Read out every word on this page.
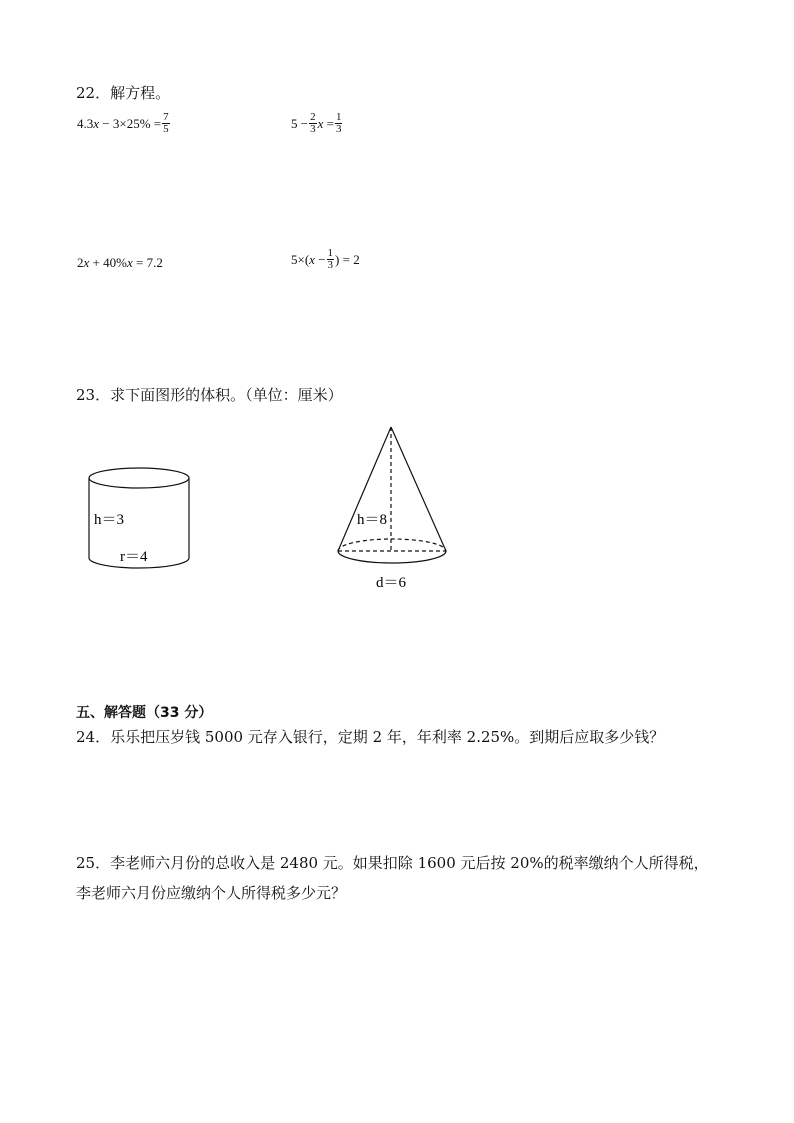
22．解方程。
4.3 $x - 3\times 25\% = \frac{7}{5}$	$5 - \frac{2}{3}$ $x = \frac{1}{3}$
2 x + 40% x = 7.2	5×( $x - \frac{1}{3}$ ) = 2
23．求下面图形的体积。（单位：厘米）
h＝3
r＝4
h＝8
d＝6
五、解答题（33 分）
24．乐乐把压岁钱 5000 元存入银行，定期 2 年，年利率 2.25%。到期后应取多少钱？
25．李老师六月份的总收入是 2480 元。如果扣除 1600 元后按 20%的税率缴纳个人所得税，
李老师六月份应缴纳个人所得税多少元？
